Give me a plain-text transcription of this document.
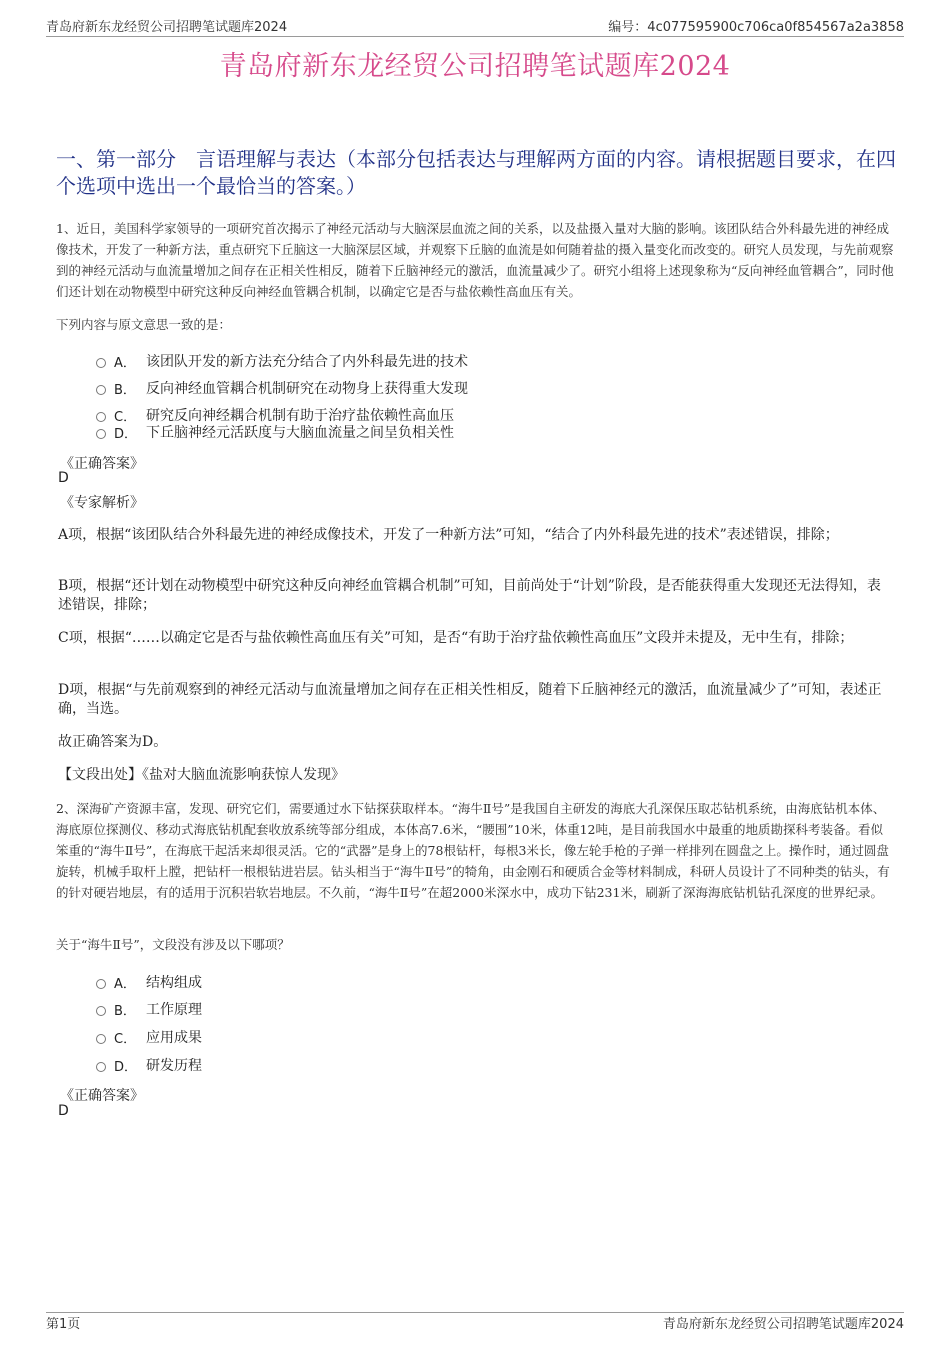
青岛府新东龙经贸公司招聘笔试题库2024	编号：4c077595900c706ca0f854567a2a3858
青岛府新东龙经贸公司招聘笔试题库2024
一、第一部分　言语理解与表达（本部分包括表达与理解两方面的内容。请根据题目要求，在四个选项中选出一个最恰当的答案。）
1、近日，美国科学家领导的一项研究首次揭示了神经元活动与大脑深层血流之间的关系，以及盐摄入量对大脑的影响。该团队结合外科最先进的神经成像技术，开发了一种新方法，重点研究下丘脑这一大脑深层区域，并观察下丘脑的血流是如何随着盐的摄入量变化而改变的。研究人员发现，与先前观察到的神经元活动与血流量增加之间存在正相关性相反，随着下丘脑神经元的激活，血流量减少了。研究小组将上述现象称为“反向神经血管耦合”，同时他们还计划在动物模型中研究这种反向神经血管耦合机制，以确定它是否与盐依赖性高血压有关。
下列内容与原文意思一致的是：
A． 该团队开发的新方法充分结合了内外科最先进的技术
B． 反向神经血管耦合机制研究在动物身上获得重大发现
C． 研究反向神经耦合机制有助于治疗盐依赖性高血压
D． 下丘脑神经元活跃度与大脑血流量之间呈负相关性
《正确答案》
D
《专家解析》
A项，根据“该团队结合外科最先进的神经成像技术，开发了一种新方法”可知，“结合了内外科最先进的技术”表述错误，排除；
B项，根据“还计划在动物模型中研究这种反向神经血管耦合机制”可知，目前尚处于“计划”阶段，是否能获得重大发现还无法得知，表述错误，排除；
C项，根据“……以确定它是否与盐依赖性高血压有关”可知，是否“有助于治疗盐依赖性高血压”文段并未提及，无中生有，排除；
D项，根据“与先前观察到的神经元活动与血流量增加之间存在正相关性相反，随着下丘脑神经元的激活，血流量减少了”可知，表述正确，当选。
故正确答案为D。
【文段出处】《盐对大脑血流影响获惊人发现》
2、深海矿产资源丰富，发现、研究它们，需要通过水下钻探获取样本。“海牛Ⅱ号”是我国自主研发的海底大孔深保压取芯钻机系统，由海底钻机本体、海底原位探测仪、移动式海底钻机配套收放系统等部分组成，本体高7.6米，“腰围”10米，体重12吨，是目前我国水中最重的地质勘探科考装备。看似笨重的“海牛Ⅱ号”，在海底干起活来却很灵活。它的“武器”是身上的78根钻杆，每根3米长，像左轮手枪的子弹一样排列在圆盘之上。操作时，通过圆盘旋转，机械手取杆上膛，把钻杆一根根钻进岩层。钻头相当于“海牛Ⅱ号”的犄角，由金刚石和硬质合金等材料制成，科研人员设计了不同种类的钻头，有的针对硬岩地层，有的适用于沉积岩软岩地层。不久前，“海牛Ⅱ号”在超2000米深水中，成功下钻231米，刷新了深海海底钻机钻孔深度的世界纪录。
关于“海牛Ⅱ号”，文段没有涉及以下哪项？
A． 结构组成
B． 工作原理
C． 应用成果
D． 研发历程
《正确答案》
D
第1页	青岛府新东龙经贸公司招聘笔试题库2024
